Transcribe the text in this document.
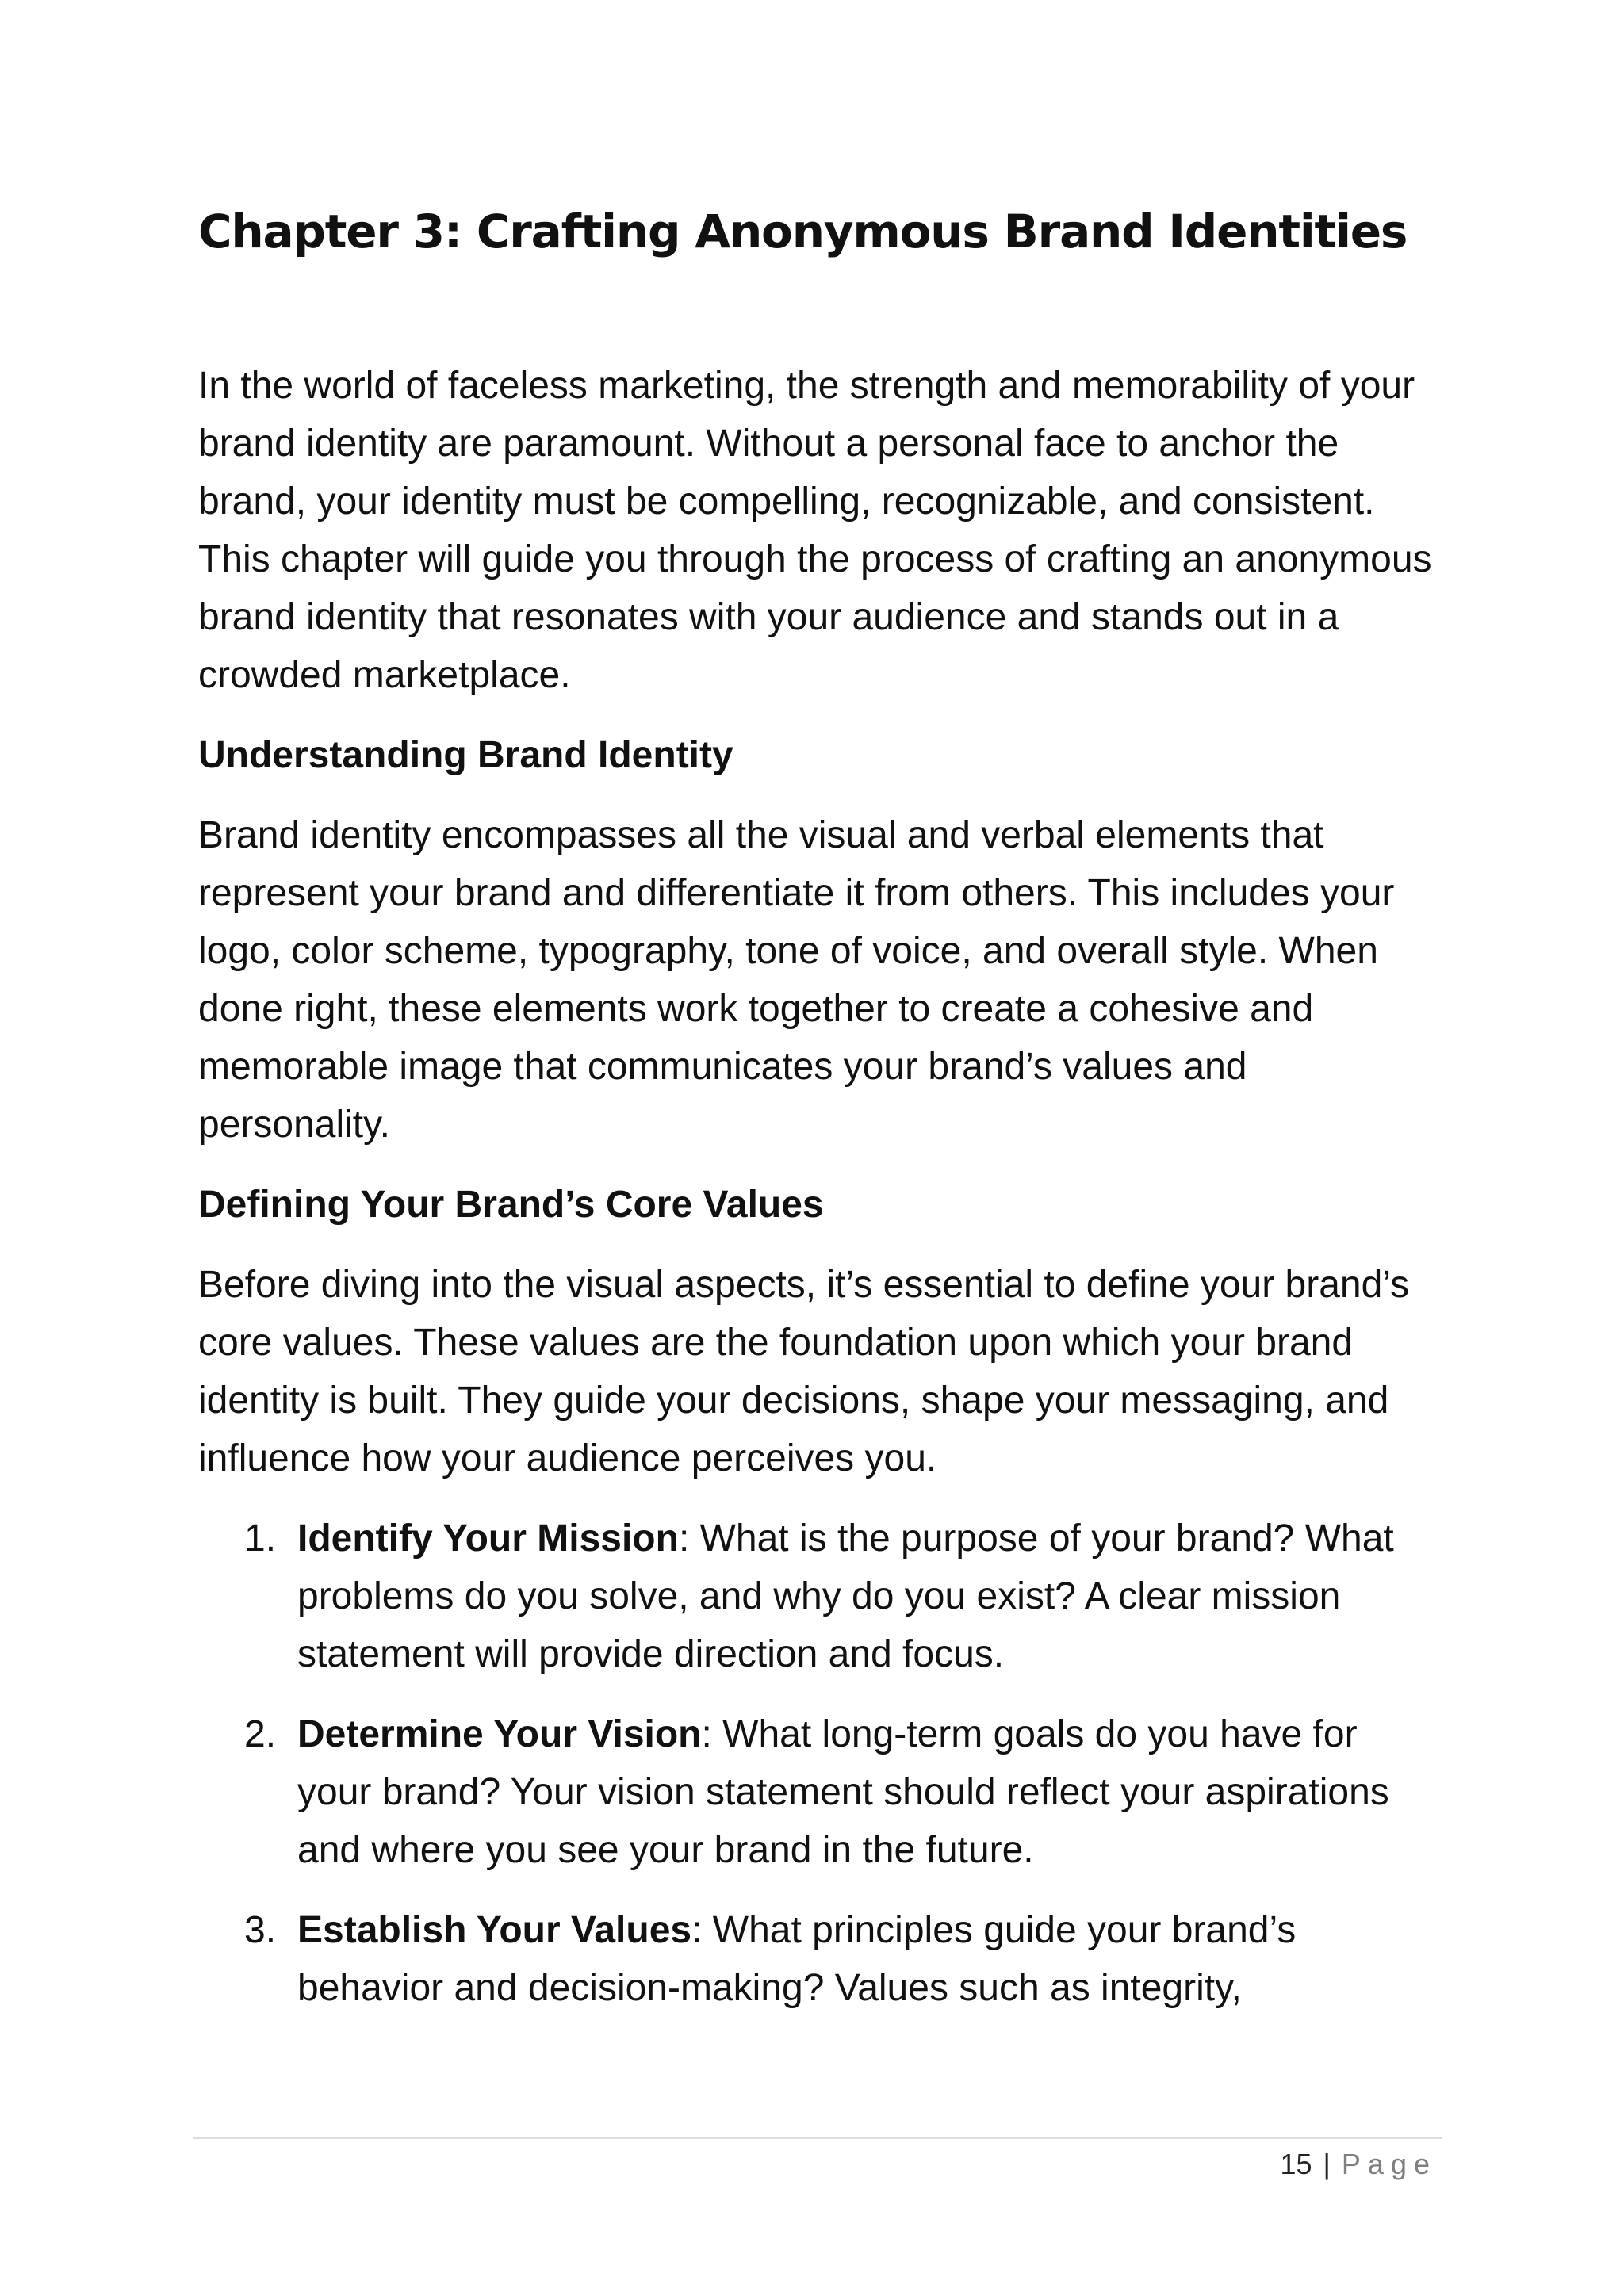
Chapter 3: Crafting Anonymous Brand Identities

In the world of faceless marketing, the strength and memorability of your brand identity are paramount. Without a personal face to anchor the brand, your identity must be compelling, recognizable, and consistent. This chapter will guide you through the process of crafting an anonymous brand identity that resonates with your audience and stands out in a crowded marketplace.

Understanding Brand Identity

Brand identity encompasses all the visual and verbal elements that represent your brand and differentiate it from others. This includes your logo, color scheme, typography, tone of voice, and overall style. When done right, these elements work together to create a cohesive and memorable image that communicates your brand’s values and personality.

Defining Your Brand’s Core Values

Before diving into the visual aspects, it’s essential to define your brand’s core values. These values are the foundation upon which your brand identity is built. They guide your decisions, shape your messaging, and influence how your audience perceives you.

1. Identify Your Mission: What is the purpose of your brand? What problems do you solve, and why do you exist? A clear mission statement will provide direction and focus.
2. Determine Your Vision: What long-term goals do you have for your brand? Your vision statement should reflect your aspirations and where you see your brand in the future.
3. Establish Your Values: What principles guide your brand’s behavior and decision-making? Values such as integrity,
15 | Page
